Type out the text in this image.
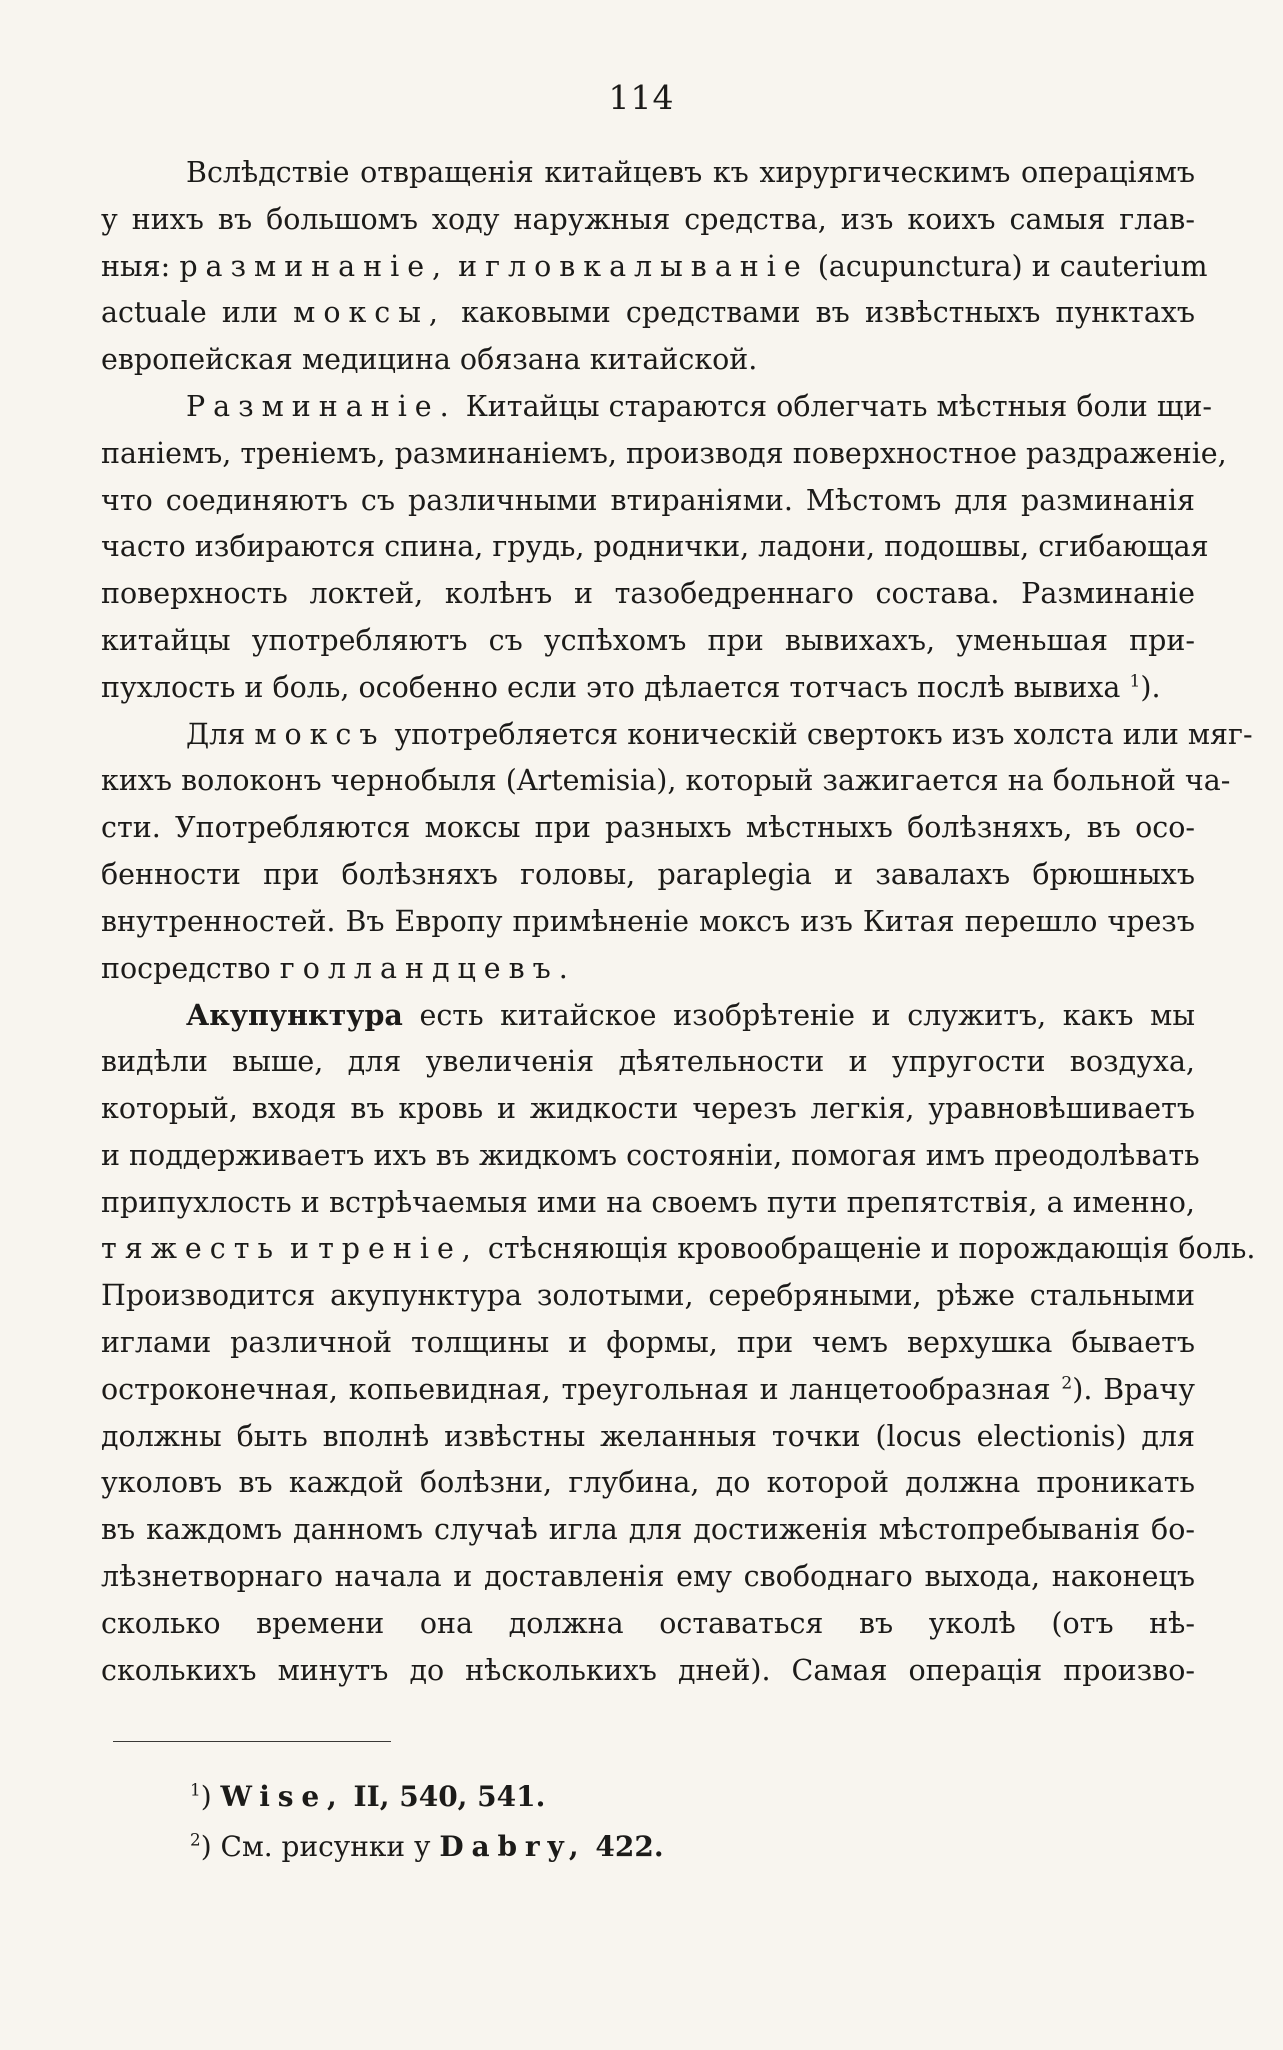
114
Вслѣдствіе отвращенія китайцевъ къ хирургическимъ операціямъ
у нихъ въ большомъ ходу наружныя средства, изъ коихъ самыя глав-
ныя: разминаніе, игловкалываніе (acupunctura) и cauterium
actuale или моксы, каковыми средствами въ извѣстныхъ пунктахъ
европейская медицина обязана китайской.
Разминаніе. Китайцы стараются облегчать мѣстныя боли щи-
паніемъ, треніемъ, разминаніемъ, производя поверхностное раздраженіе,
что соединяютъ съ различными втираніями. Мѣстомъ для разминанія
часто избираются спина, грудь, роднички, ладони, подошвы, сгибающая
поверхность локтей, колѣнъ и тазобедреннаго состава. Разминаніе
китайцы употребляютъ съ успѣхомъ при вывихахъ, уменьшая при-
пухлость и боль, особенно если это дѣлается тотчасъ послѣ вывиха $^1$).
Для моксъ употребляется коническій свертокъ изъ холста или мяг-
кихъ волоконъ чернобыля (Artemisia), который зажигается на больной ча-
сти. Употребляются моксы при разныхъ мѣстныхъ болѣзняхъ, въ осо-
бенности при болѣзняхъ головы, paraplegia и завалахъ брюшныхъ
внутренностей. Въ Европу примѣненіе моксъ изъ Китая перешло чрезъ
посредство голландцевъ.
Акупунктура есть китайское изобрѣтеніе и служитъ, какъ мы
видѣли выше, для увеличенія дѣятельности и упругости воздуха,
который, входя въ кровь и жидкости черезъ легкія, уравновѣшиваетъ
и поддерживаетъ ихъ въ жидкомъ состояніи, помогая имъ преодолѣвать
припухлость и встрѣчаемыя ими на своемъ пути препятствія, а именно,
тяжесть и треніе, стѣсняющія кровообращеніе и порождающія боль.
Производится акупунктура золотыми, серебряными, рѣже стальными
иглами различной толщины и формы, при чемъ верхушка бываетъ
остроконечная, копьевидная, треугольная и ланцетообразная $^2$). Врачу
должны быть вполнѣ извѣстны желанныя точки (locus electionis) для
уколовъ въ каждой болѣзни, глубина, до которой должна проникать
въ каждомъ данномъ случаѣ игла для достиженія мѣстопребыванія бо-
лѣзнетворнаго начала и доставленія ему свободнаго выхода, наконецъ
сколько времени она должна оставаться въ уколѣ (отъ нѣ-
сколькихъ минутъ до нѣсколькихъ дней). Самая операція произво-
$^1$) Wise, II, 540, 541.
$^2$) См. рисунки у Dabry, 422.
